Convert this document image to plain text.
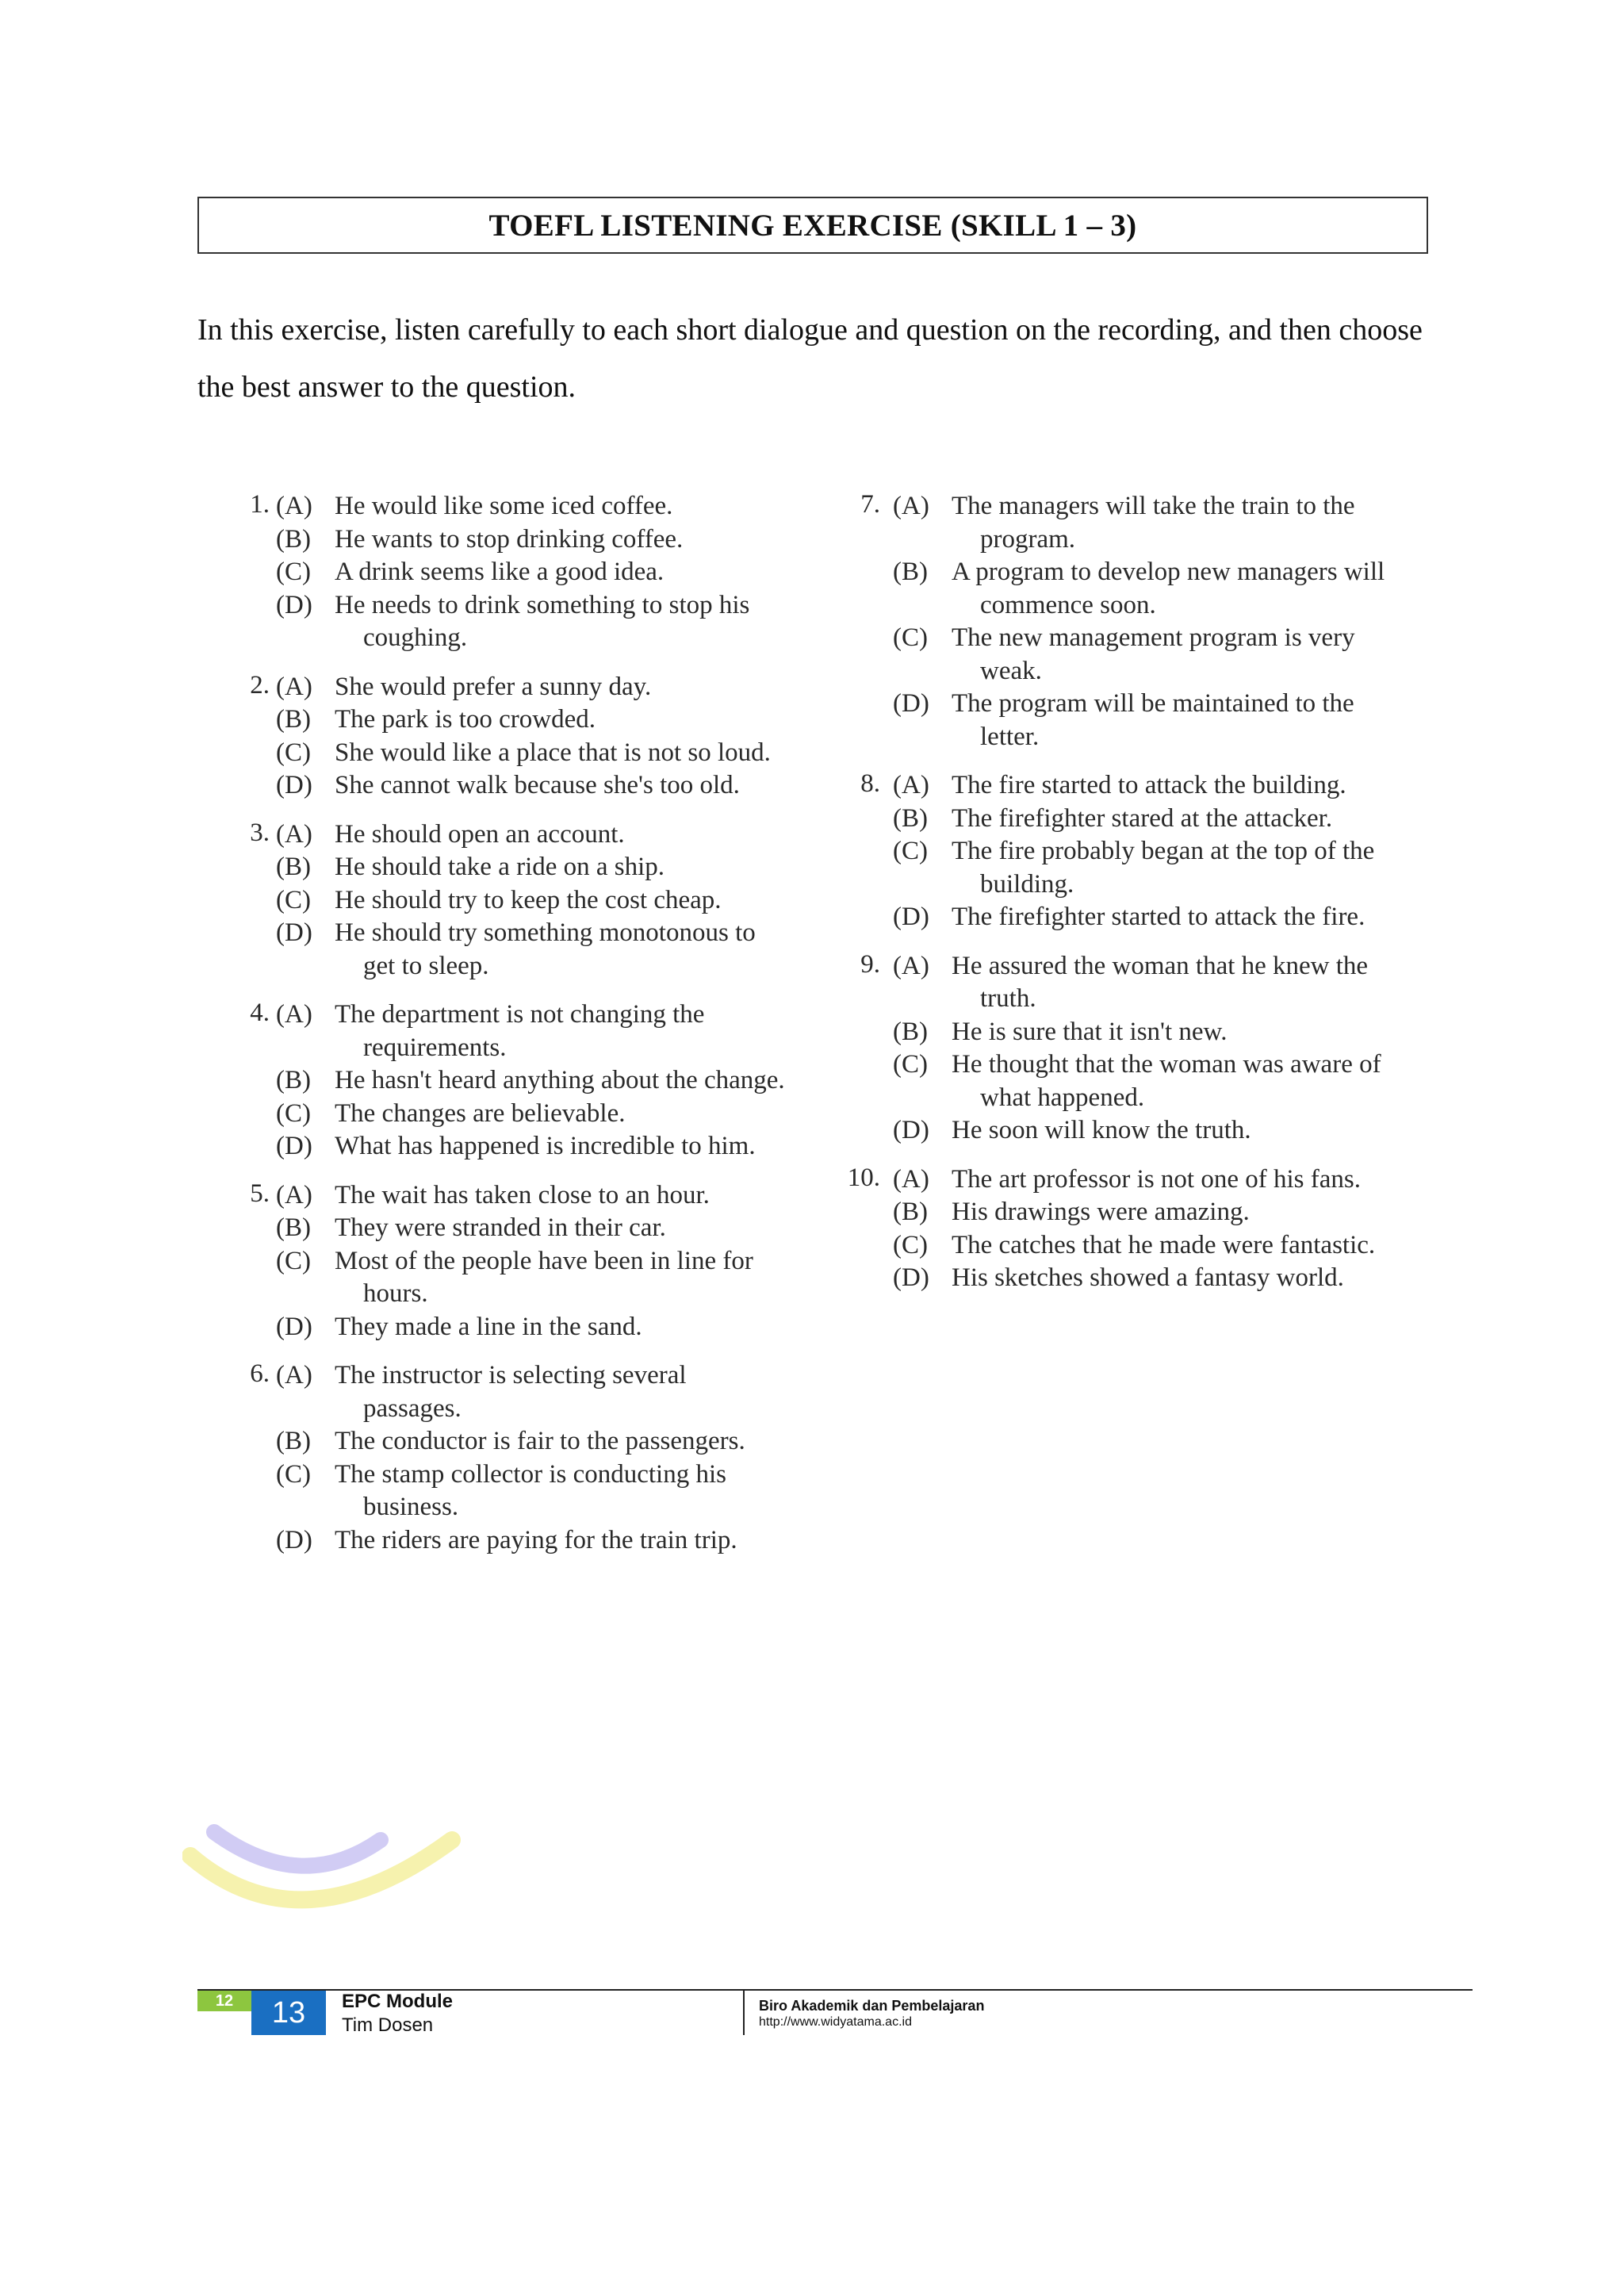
TOEFL LISTENING EXERCISE (SKILL 1 – 3)

In this exercise, listen carefully to each short dialogue and question on the recording, and then choose the best answer to the question.

1. (A) He would like some iced coffee.
(B) He wants to stop drinking coffee.
(C) A drink seems like a good idea.
(D) He needs to drink something to stop his coughing.
2. (A) She would prefer a sunny day.
(B) The park is too crowded.
(C) She would like a place that is not so loud.
(D) She cannot walk because she's too old.
3. (A) He should open an account.
(B) He should take a ride on a ship.
(C) He should try to keep the cost cheap.
(D) He should try something monotonous to get to sleep.
4. (A) The department is not changing the requirements.
(B) He hasn't heard anything about the change.
(C) The changes are believable.
(D) What has happened is incredible to him.
5. (A) The wait has taken close to an hour.
(B) They were stranded in their car.
(C) Most of the people have been in line for hours.
(D) They made a line in the sand.
6. (A) The instructor is selecting several passages.
(B) The conductor is fair to the passengers.
(C) The stamp collector is conducting his business.
(D) The riders are paying for the train trip.
7. (A) The managers will take the train to the program.
(B) A program to develop new managers will commence soon.
(C) The new management program is very weak.
(D) The program will be maintained to the letter.
8. (A) The fire started to attack the building.
(B) The firefighter stared at the attacker.
(C) The fire probably began at the top of the building.
(D) The firefighter started to attack the fire.
9. (A) He assured the woman that he knew the truth.
(B) He is sure that it isn't new.
(C) He thought that the woman was aware of what happened.
(D) He soon will know the truth.
10. (A) The art professor is not one of his fans.
(B) His drawings were amazing.
(C) The catches that he made were fantastic.
(D) His sketches showed a fantasy world.
12	13	EPC Module
Tim Dosen
Biro Akademik dan Pembelajaran
http://www.widyatama.ac.id
